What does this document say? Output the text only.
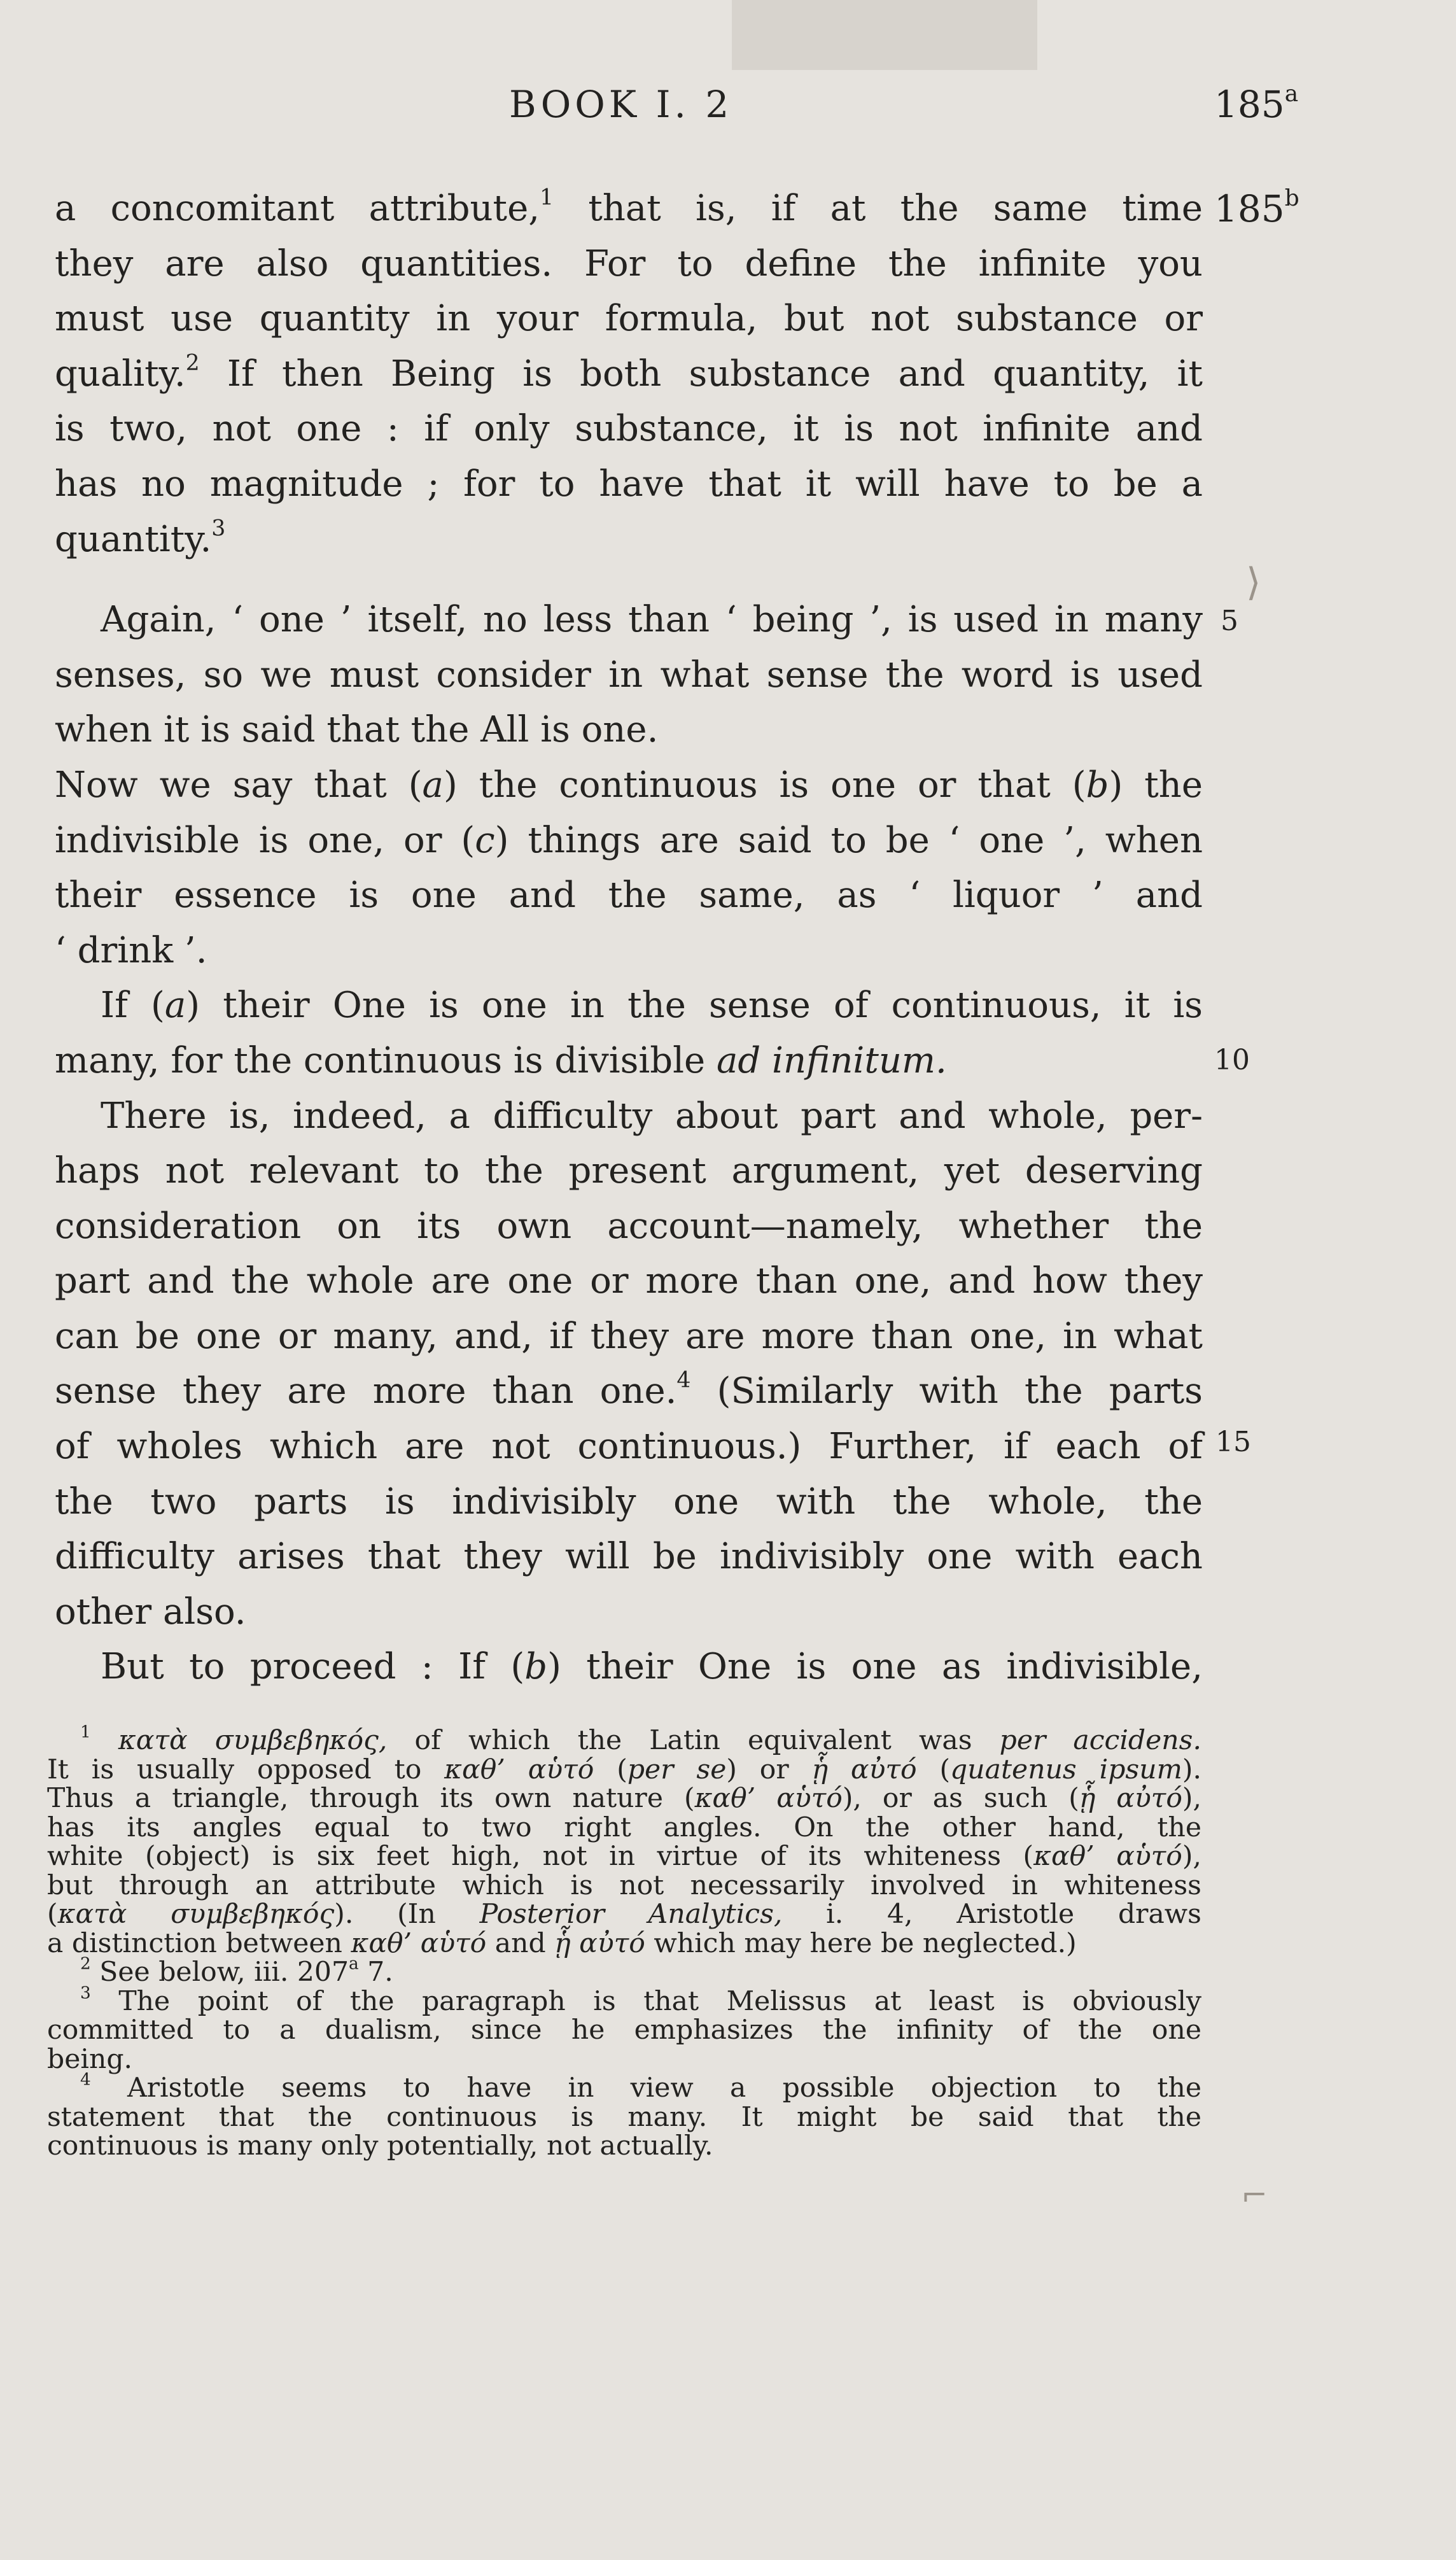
BOOK I. 2	185$^a$
185$^b$
a concomitant attribute,$^1$ that is, if at the same time
they are also quantities. For to define the infinite you
must use quantity in your formula, but not substance or
quality.$^2$ If then Being is both substance and quantity, it
is two, not one : if only substance, it is not infinite and
has no magnitude ; for to have that it will have to be a
quantity.$^3$
Again, ‘ one ’ itself, no less than ‘ being ’, is used in many
senses, so we must consider in what sense the word is used
when it is said that the All is one.
Now we say that (a) the continuous is one or that (b) the
indivisible is one, or (c) things are said to be ‘ one ’, when
their essence is one and the same, as ‘ liquor ’ and
‘ drink ’.
If (a) their One is one in the sense of continuous, it is
many, for the continuous is divisible ad infinitum.
There is, indeed, a difficulty about part and whole, per-
haps not relevant to the present argument, yet deserving
consideration on its own account—namely, whether the
part and the whole are one or more than one, and how they
can be one or many, and, if they are more than one, in what
sense they are more than one.$^4$ (Similarly with the parts
of wholes which are not continuous.) Further, if each of
the two parts is indivisibly one with the whole, the
difficulty arises that they will be indivisibly one with each
other also.
But to proceed : If (b) their One is one as indivisible,
5
10
15
⟩
⌐
$^1$ κατὰ συμβεβηκός, of which the Latin equivalent was per accidens.
It is usually opposed to καθ’ αὑτό (per se) or ᾗ αὐτό (quatenus ipsum).
Thus a triangle, through its own nature (καθ’ αὑτό), or as such (ᾗ αὐτό),
has its angles equal to two right angles. On the other hand, the
white (object) is six feet high, not in virtue of its whiteness (καθ’ αὑτό),
but through an attribute which is not necessarily involved in whiteness
(κατὰ συμβεβηκός). (In Posterior Analytics, i. 4, Aristotle draws
a distinction between καθ’ αὑτό and ᾗ αὐτό which may here be neglected.)
$^2$ See below, iii. 207$^a$ 7.
$^3$ The point of the paragraph is that Melissus at least is obviously
committed to a dualism, since he emphasizes the infinity of the one
being.
$^4$ Aristotle seems to have in view a possible objection to the
statement that the continuous is many. It might be said that the
continuous is many only potentially, not actually.
